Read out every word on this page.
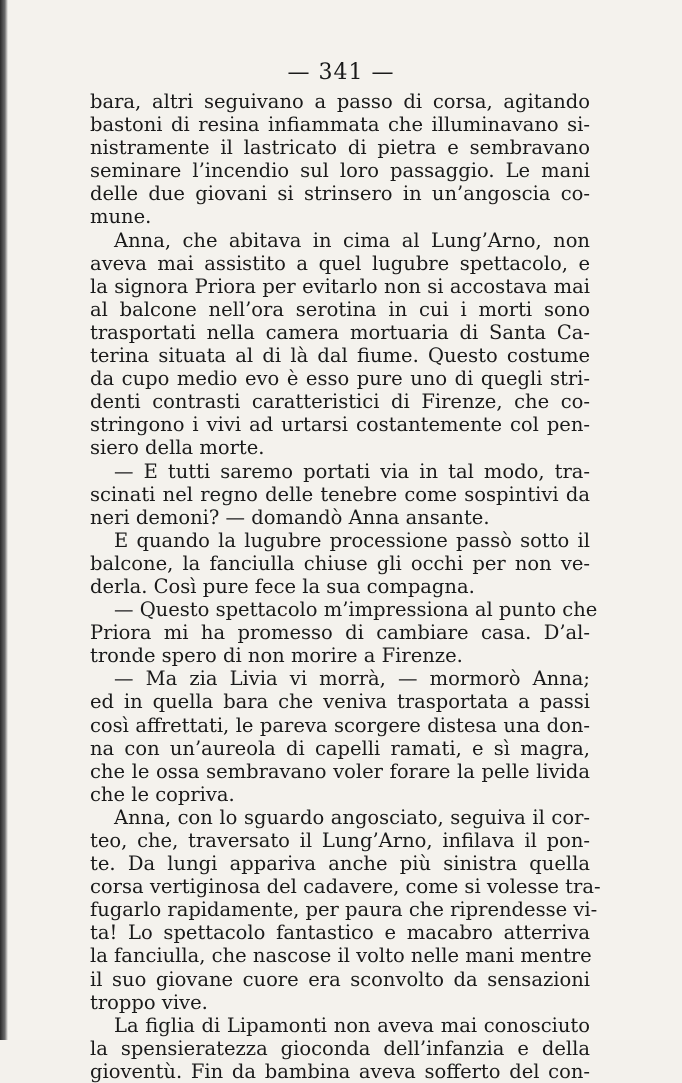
— 341 —
bara, altri seguivano a passo di corsa, agitando
bastoni di resina infiammata che illuminavano si-
nistramente il lastricato di pietra e sembravano
seminare l’incendio sul loro passaggio. Le mani
delle due giovani si strinsero in un’angoscia co-
mune.
Anna, che abitava in cima al Lung’Arno, non
aveva mai assistito a quel lugubre spettacolo, e
la signora Priora per evitarlo non si accostava mai
al balcone nell’ora serotina in cui i morti sono
trasportati nella camera mortuaria di Santa Ca-
terina situata al di là dal fiume. Questo costume
da cupo medio evo è esso pure uno di quegli stri-
denti contrasti caratteristici di Firenze, che co-
stringono i vivi ad urtarsi costantemente col pen-
siero della morte.
— E tutti saremo portati via in tal modo, tra-
scinati nel regno delle tenebre come sospintivi da
neri demoni? — domandò Anna ansante.
E quando la lugubre processione passò sotto il
balcone, la fanciulla chiuse gli occhi per non ve-
derla. Così pure fece la sua compagna.
— Questo spettacolo m’impressiona al punto che
Priora mi ha promesso di cambiare casa. D’al-
tronde spero di non morire a Firenze.
— Ma zia Livia vi morrà, — mormorò Anna;
ed in quella bara che veniva trasportata a passi
così affrettati, le pareva scorgere distesa una don-
na con un’aureola di capelli ramati, e sì magra,
che le ossa sembravano voler forare la pelle livida
che le copriva.
Anna, con lo sguardo angosciato, seguiva il cor-
teo, che, traversato il Lung’Arno, infilava il pon-
te. Da lungi appariva anche più sinistra quella
corsa vertiginosa del cadavere, come si volesse tra-
fugarlo rapidamente, per paura che riprendesse vi-
ta! Lo spettacolo fantastico e macabro atterriva
la fanciulla, che nascose il volto nelle mani mentre
il suo giovane cuore era sconvolto da sensazioni
troppo vive.
La figlia di Lipamonti non aveva mai conosciuto
la spensieratezza gioconda dell’infanzia e della
gioventù. Fin da bambina aveva sofferto del con-
